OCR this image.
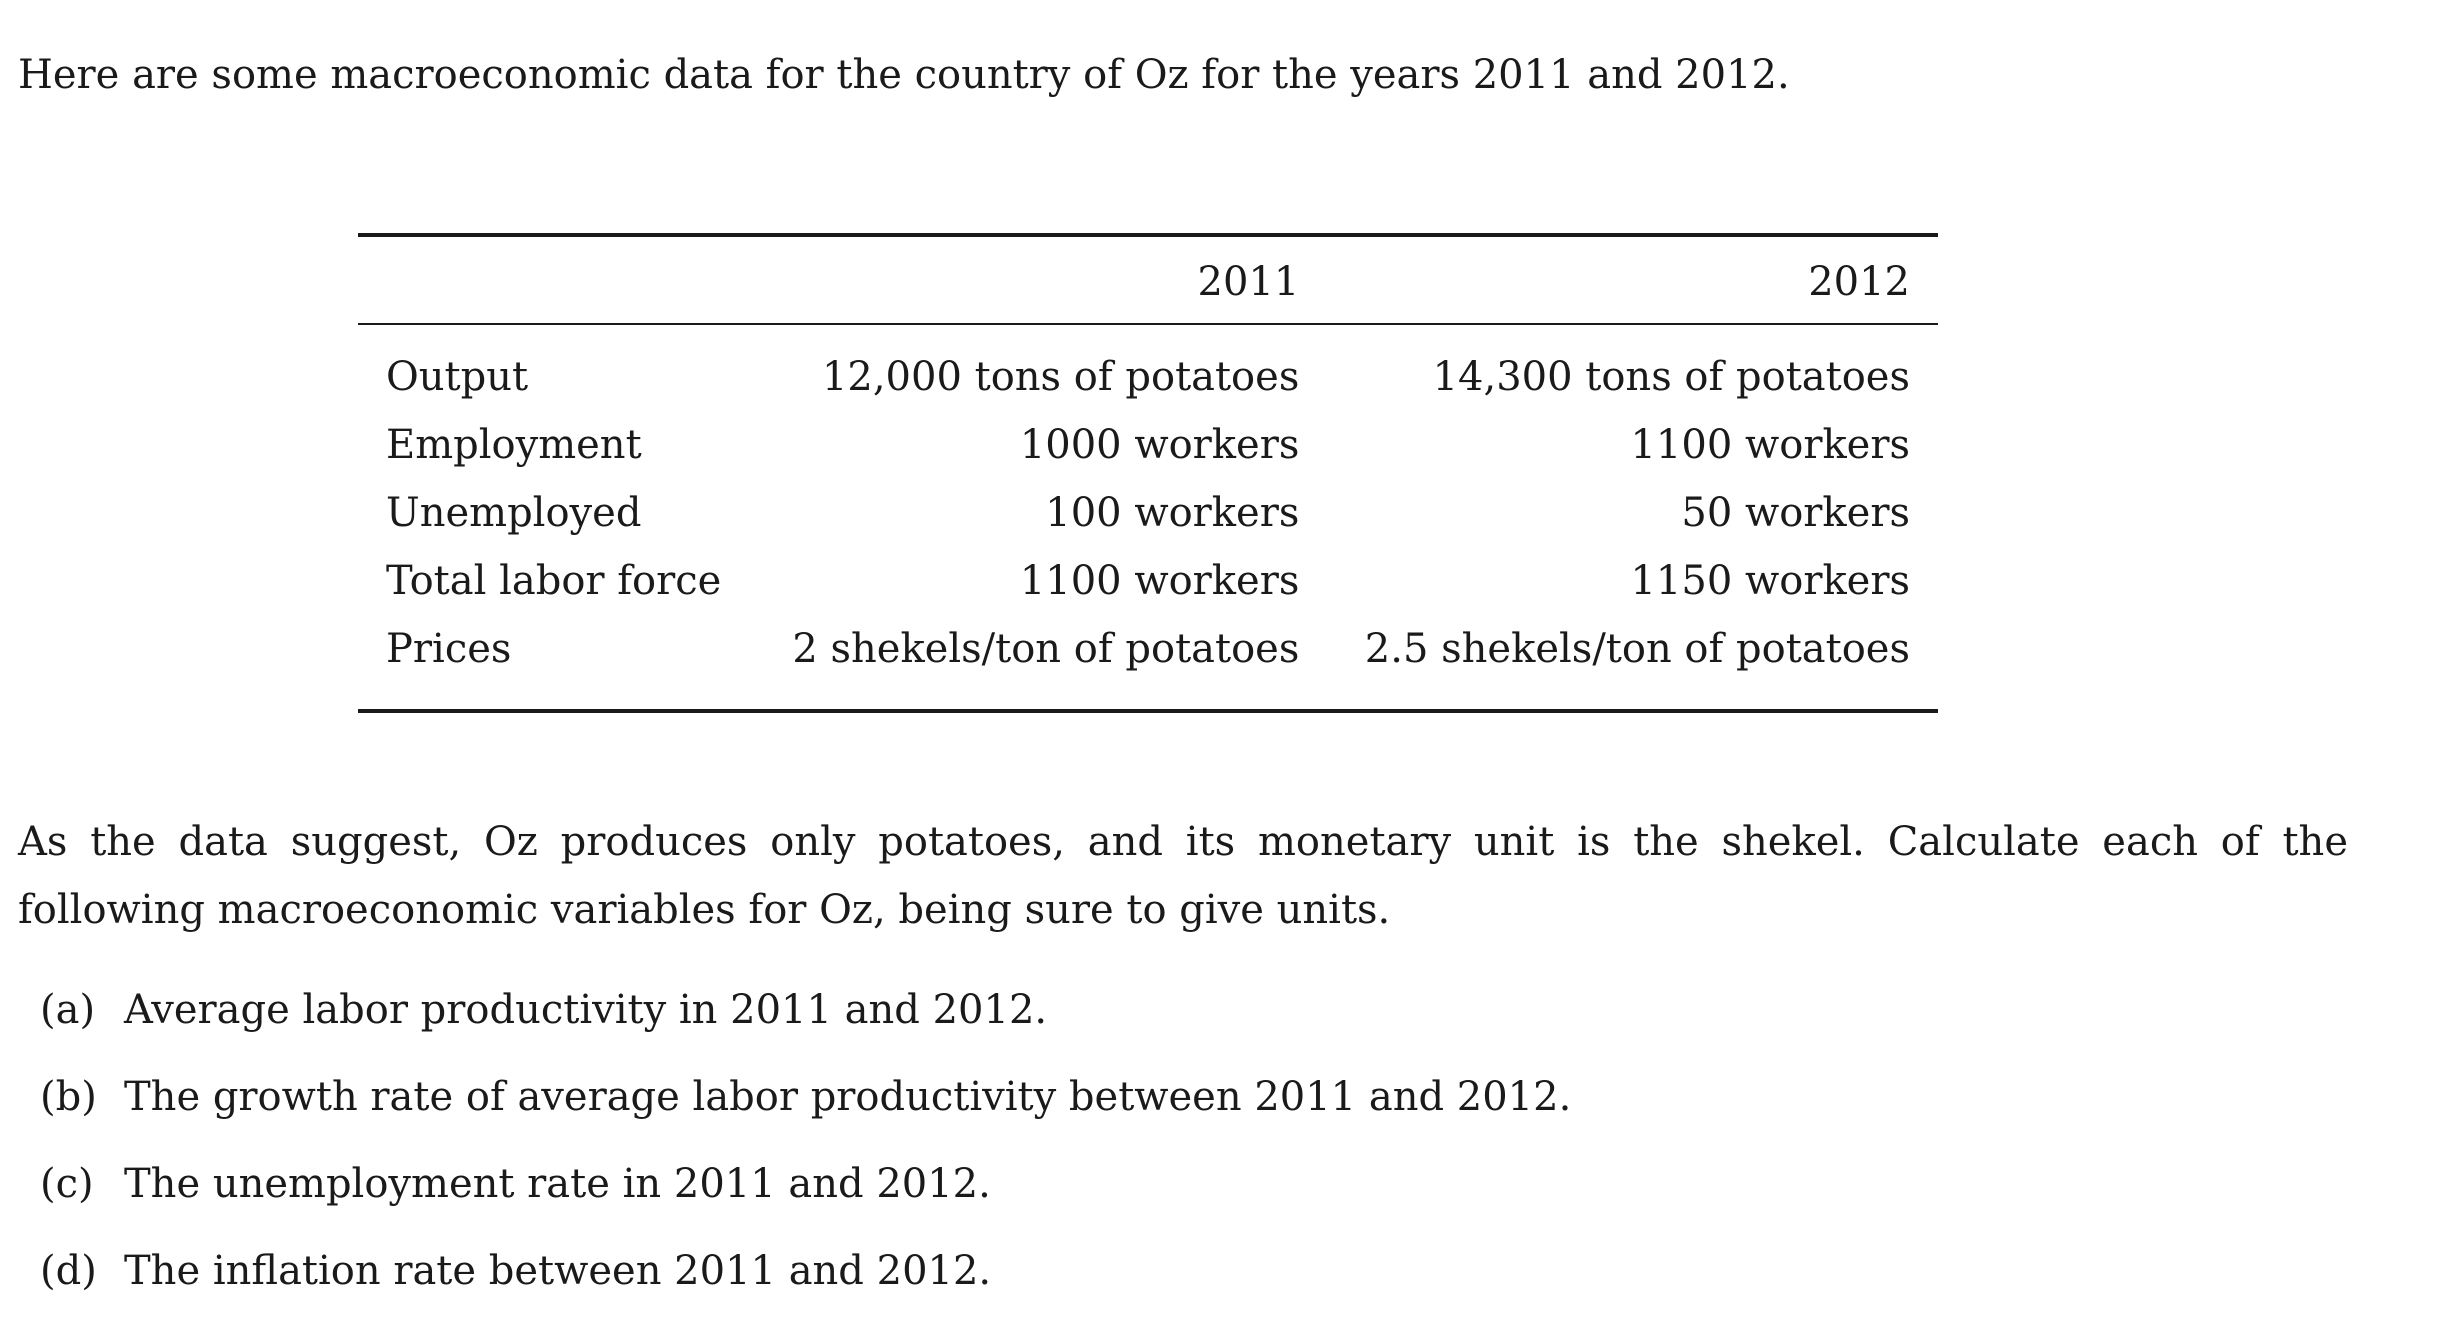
Here are some macroeconomic data for the country of Oz for the years 2011 and 2012.

	2011	2012
Output	12,000 tons of potatoes	14,300 tons of potatoes
Employment	1000 workers	1100 workers
Unemployed	100 workers	50 workers
Total labor force	1100 workers	1150 workers
Prices	2 shekels/ton of potatoes	2.5 shekels/ton of potatoes

As the data suggest, Oz produces only potatoes, and its monetary unit is the shekel. Calculate each of the
following macroeconomic variables for Oz, being sure to give units.

(a) Average labor productivity in 2011 and 2012.
(b) The growth rate of average labor productivity between 2011 and 2012.
(c) The unemployment rate in 2011 and 2012.
(d) The inflation rate between 2011 and 2012.
